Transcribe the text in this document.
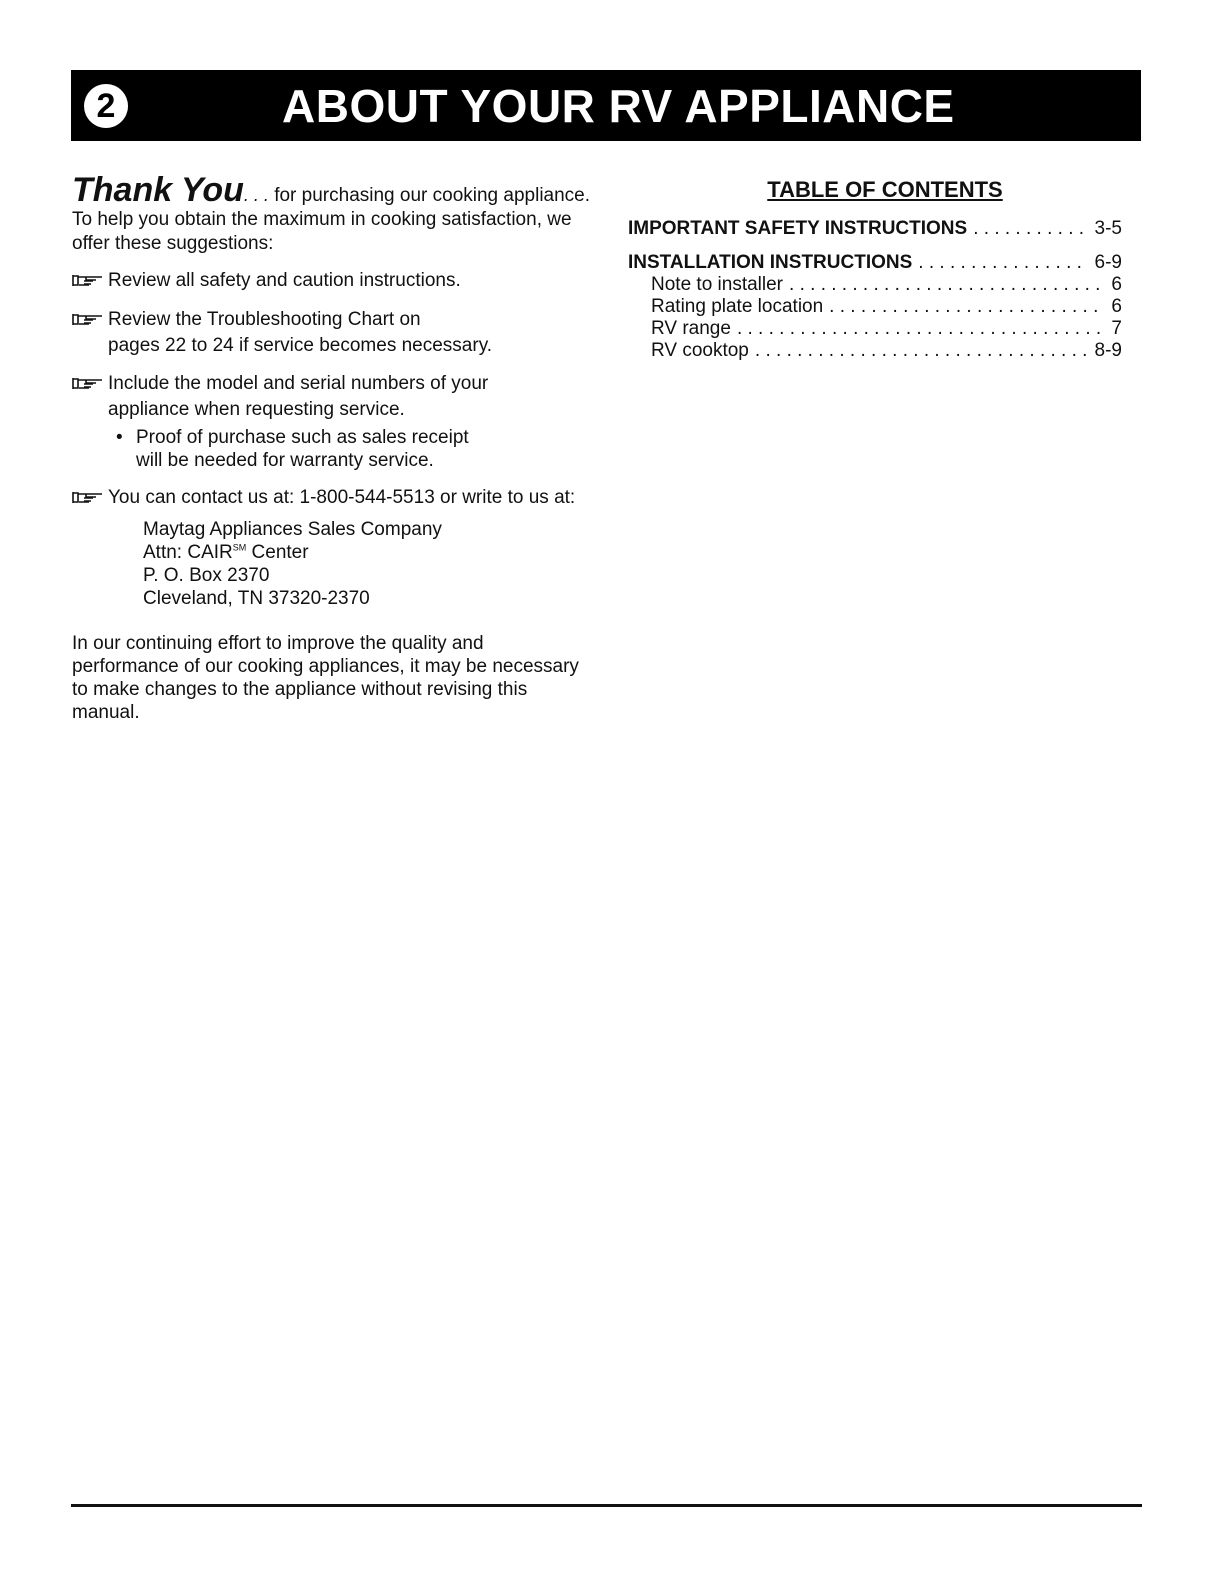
2	ABOUT YOUR RV APPLIANCE

Thank You. . . for purchasing our cooking appliance. To help you obtain the maximum in cooking satisfaction, we offer these suggestions:

Review all safety and caution instructions.

Review the Troubleshooting Chart on
pages 22 to 24 if service becomes necessary.

Include the model and serial numbers of your
appliance when requesting service.

• Proof of purchase such as sales receipt
will be needed for warranty service.

You can contact us at: 1-800-544-5513 or write to us at:

Maytag Appliances Sales Company
Attn: CAIR℠ Center
P. O. Box 2370
Cleveland, TN 37320-2370

In our continuing effort to improve the quality and performance of our cooking appliances, it may be necessary to make changes to the appliance without revising this manual.

TABLE OF CONTENTS
IMPORTANT SAFETY INSTRUCTIONS . . .	3-5
INSTALLATION INSTRUCTIONS . . .	6-9
Note to installer . . .	6
Rating plate location . . .	6
RV range . . .	7
RV cooktop . . .	8-9
